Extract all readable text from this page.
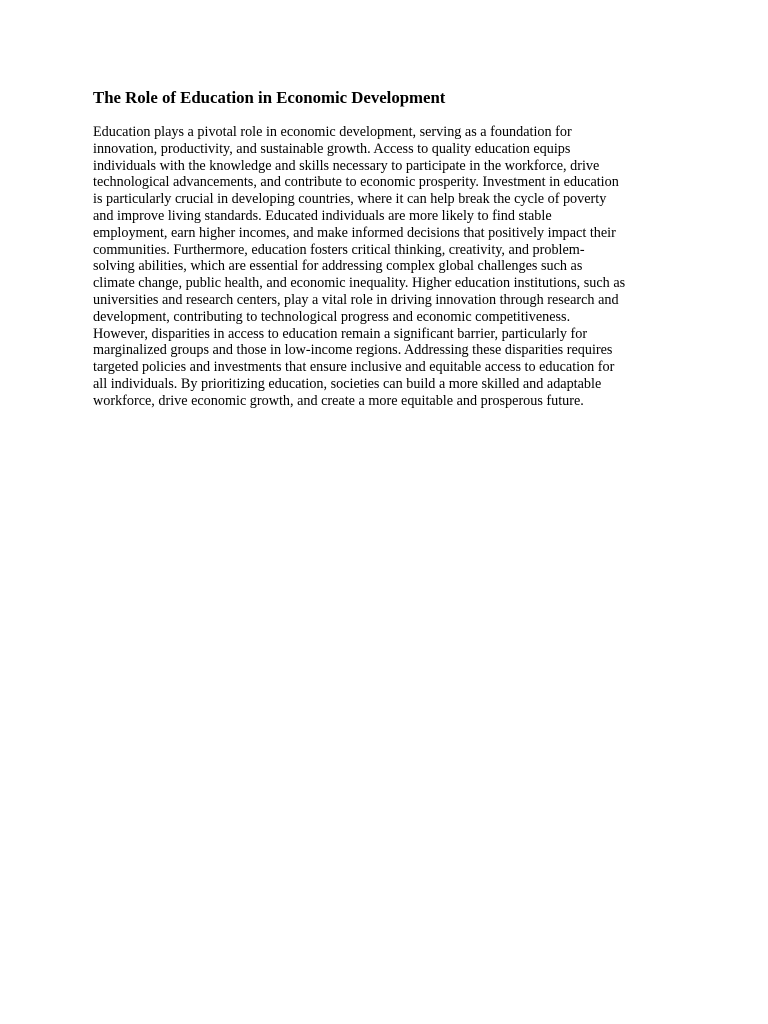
The Role of Education in Economic Development
Education plays a pivotal role in economic development, serving as a foundation for
innovation, productivity, and sustainable growth. Access to quality education equips
individuals with the knowledge and skills necessary to participate in the workforce, drive
technological advancements, and contribute to economic prosperity. Investment in education
is particularly crucial in developing countries, where it can help break the cycle of poverty
and improve living standards. Educated individuals are more likely to find stable
employment, earn higher incomes, and make informed decisions that positively impact their
communities. Furthermore, education fosters critical thinking, creativity, and problem-
solving abilities, which are essential for addressing complex global challenges such as
climate change, public health, and economic inequality. Higher education institutions, such as
universities and research centers, play a vital role in driving innovation through research and
development, contributing to technological progress and economic competitiveness.
However, disparities in access to education remain a significant barrier, particularly for
marginalized groups and those in low-income regions. Addressing these disparities requires
targeted policies and investments that ensure inclusive and equitable access to education for
all individuals. By prioritizing education, societies can build a more skilled and adaptable
workforce, drive economic growth, and create a more equitable and prosperous future.
